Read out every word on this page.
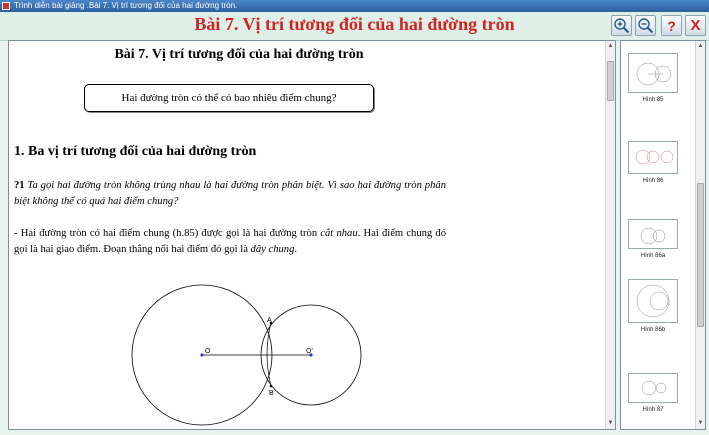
Trình diễn bài giảng .Bài 7. Vị trí tương đối của hai đường tròn.
Bài 7. Vị trí tương đối của hai đường tròn	? X
Bài 7. Vị trí tương đối của hai đường tròn
Hai đường tròn có thể có bao nhiêu điểm chung?
1. Ba vị trí tương đối của hai đường tròn
?1 Ta gọi hai đường tròn không trùng nhau là hai đường tròn phân biệt. Vì sao hai đường tròn phân biệt không thể có quá hai điểm chung?
- Hai đường tròn có hai điểm chung (h.85) được gọi là hai đường tròn cắt nhau. Hai điểm chung đó gọi là hai giao điểm. Đoạn thẳng nối hai điểm đó gọi là dây chung.
O	O'
A
B
▲
▼
Hình 85
Hình 86
Hình 86a
Hình 86b
Hình 87
▲
▼
